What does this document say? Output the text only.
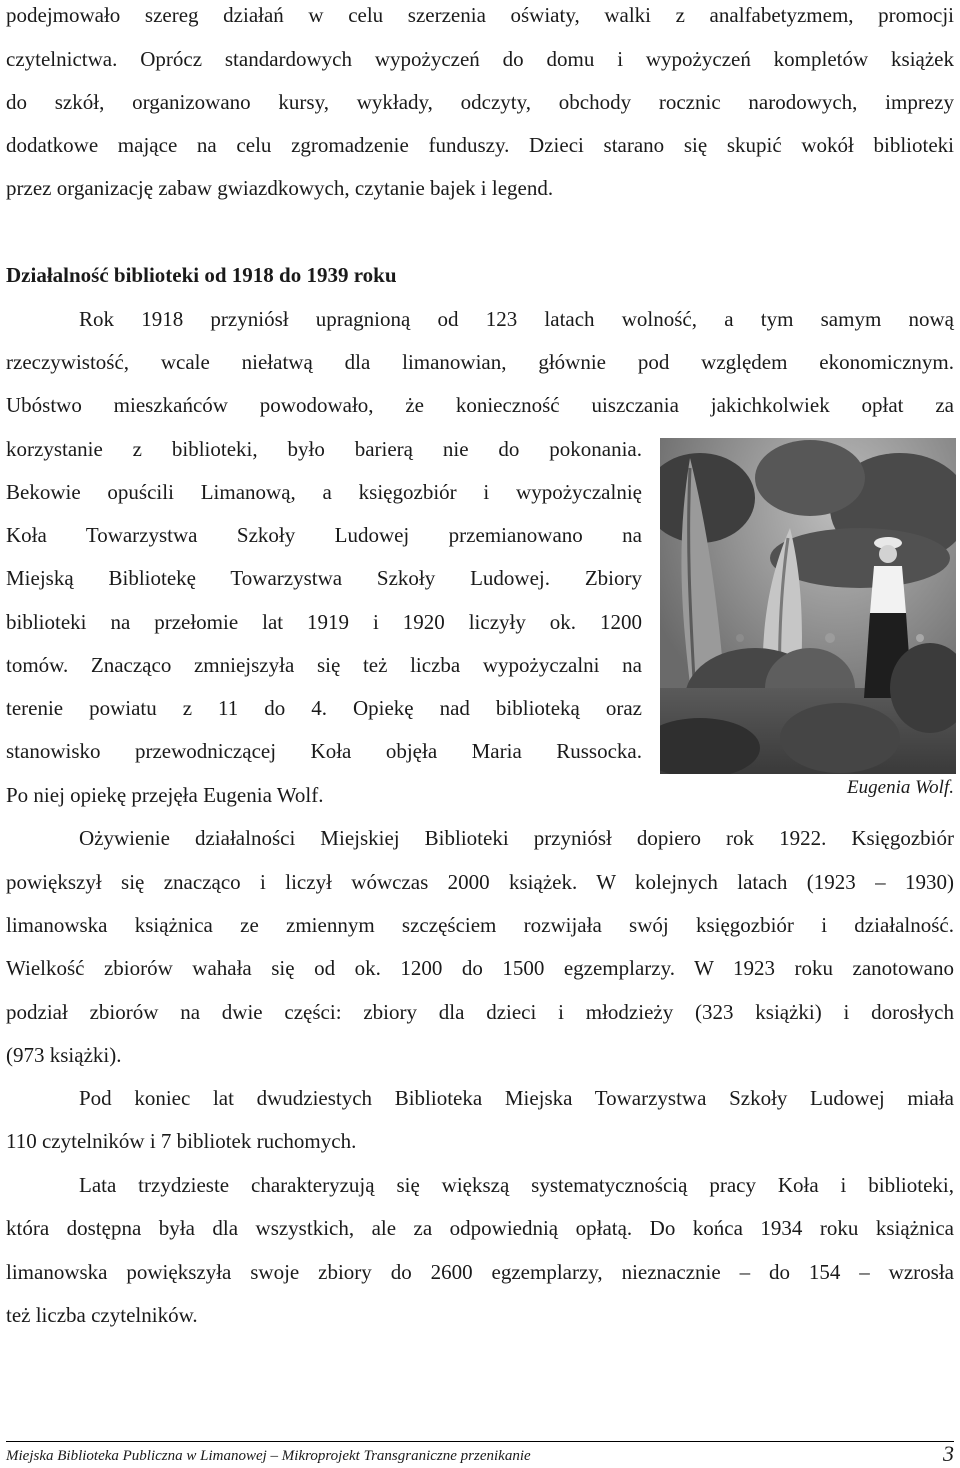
podejmowało szereg działań w celu szerzenia oświaty, walki z analfabetyzmem, promocji
czytelnictwa. Oprócz standardowych wypożyczeń do domu i wypożyczeń kompletów książek
do szkół, organizowano kursy, wykłady, odczyty, obchody rocznic narodowych, imprezy
dodatkowe mające na celu zgromadzenie funduszy. Dzieci starano się skupić wokół biblioteki
przez organizację zabaw gwiazdkowych, czytanie bajek i legend.
Działalność biblioteki od 1918 do 1939 roku
Rok 1918 przyniósł upragnioną od 123 latach wolność, a tym samym nową
rzeczywistość, wcale niełatwą dla limanowian, głównie pod względem ekonomicznym.
Ubóstwo mieszkańców powodowało, że konieczność uiszczania jakichkolwiek opłat za
korzystanie z biblioteki, było barierą nie do pokonania.
Bekowie opuścili Limanową, a księgozbiór i wypożyczalnię
Koła Towarzystwa Szkoły Ludowej przemianowano na
Miejską Bibliotekę Towarzystwa Szkoły Ludowej. Zbiory
biblioteki na przełomie lat 1919 i 1920 liczyły ok. 1200
tomów. Znacząco zmniejszyła się też liczba wypożyczalni na
terenie powiatu z 11 do 4. Opiekę nad biblioteką oraz
stanowisko przewodniczącej Koła objęła Maria Russocka.
Po niej opiekę przejęła Eugenia Wolf.	Eugenia Wolf.
Ożywienie działalności Miejskiej Biblioteki przyniósł dopiero rok 1922. Księgozbiór
powiększył się znacząco i liczył wówczas 2000 książek. W kolejnych latach (1923 – 1930)
limanowska książnica ze zmiennym szczęściem rozwijała swój księgozbiór i działalność.
Wielkość zbiorów wahała się od ok. 1200 do 1500 egzemplarzy. W 1923 roku zanotowano
podział zbiorów na dwie części: zbiory dla dzieci i młodzieży (323 książki) i dorosłych
(973 książki).
Pod koniec lat dwudziestych Biblioteka Miejska Towarzystwa Szkoły Ludowej miała
110 czytelników i 7 bibliotek ruchomych.
Lata trzydzieste charakteryzują się większą systematycznością pracy Koła i biblioteki,
która dostępna była dla wszystkich, ale za odpowiednią opłatą. Do końca 1934 roku książnica
limanowska powiększyła swoje zbiory do 2600 egzemplarzy, nieznacznie – do 154 – wzrosła
też liczba czytelników.
Miejska Biblioteka Publiczna w Limanowej – Mikroprojekt Transgraniczne przenikanie	3
